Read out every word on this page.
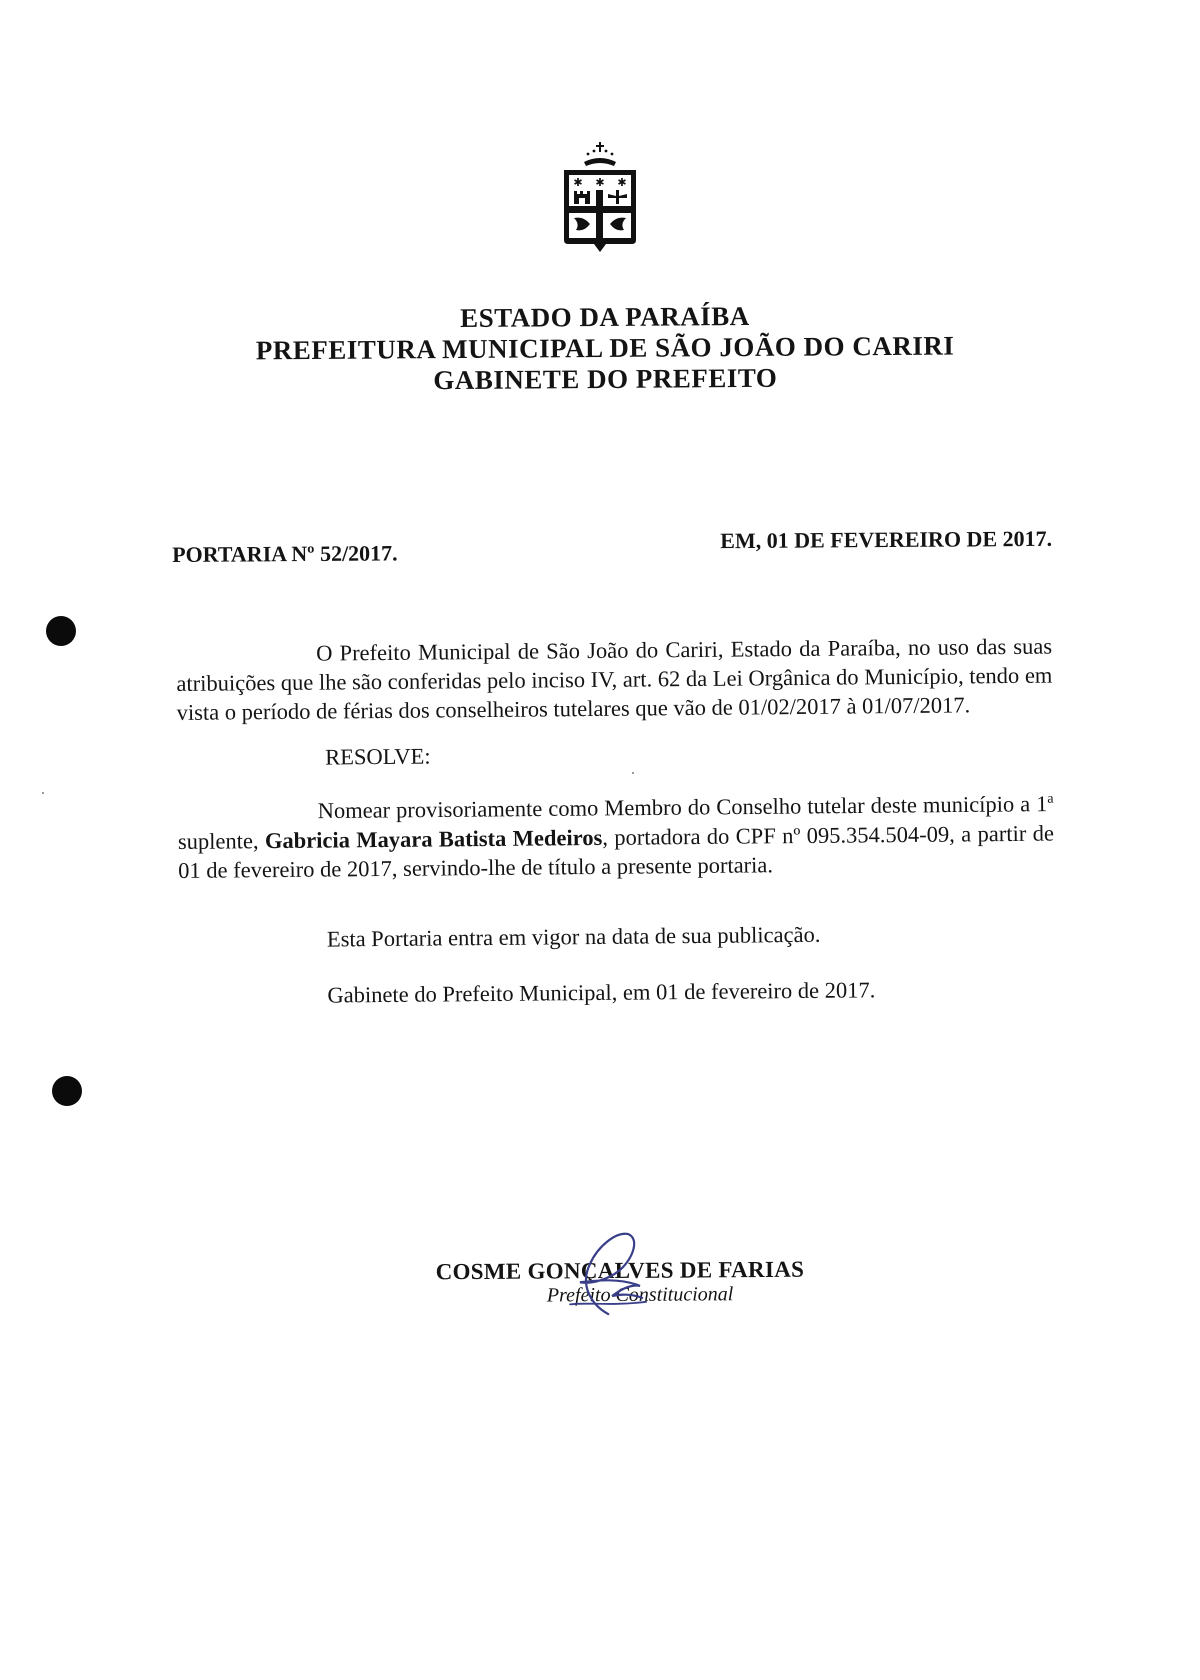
✱ ✱ ✱
ESTADO DA PARAÍBA
PREFEITURA MUNICIPAL DE SÃO JOÃO DO CARIRI
GABINETE DO PREFEITO
PORTARIA Nº 52/2017.
EM, 01 DE FEVEREIRO DE 2017.

O Prefeito Municipal de São João do Cariri, Estado da Paraíba, no uso das suas atribuições que lhe são conferidas pelo inciso IV, art. 62 da Lei Orgânica do Município, tendo em vista o período de férias dos conselheiros tutelares que vão de 01/02/2017 à 01/07/2017.

RESOLVE:

Nomear provisoriamente como Membro do Conselho tutelar deste município a 1$^a$ suplente, Gabricia Mayara Batista Medeiros, portadora do CPF nº 095.354.504-09, a partir de 01 de fevereiro de 2017, servindo-lhe de título a presente portaria.

Esta Portaria entra em vigor na data de sua publicação.

Gabinete do Prefeito Municipal, em 01 de fevereiro de 2017.

COSME GONÇALVES DE FARIAS
Prefeito Constitucional
